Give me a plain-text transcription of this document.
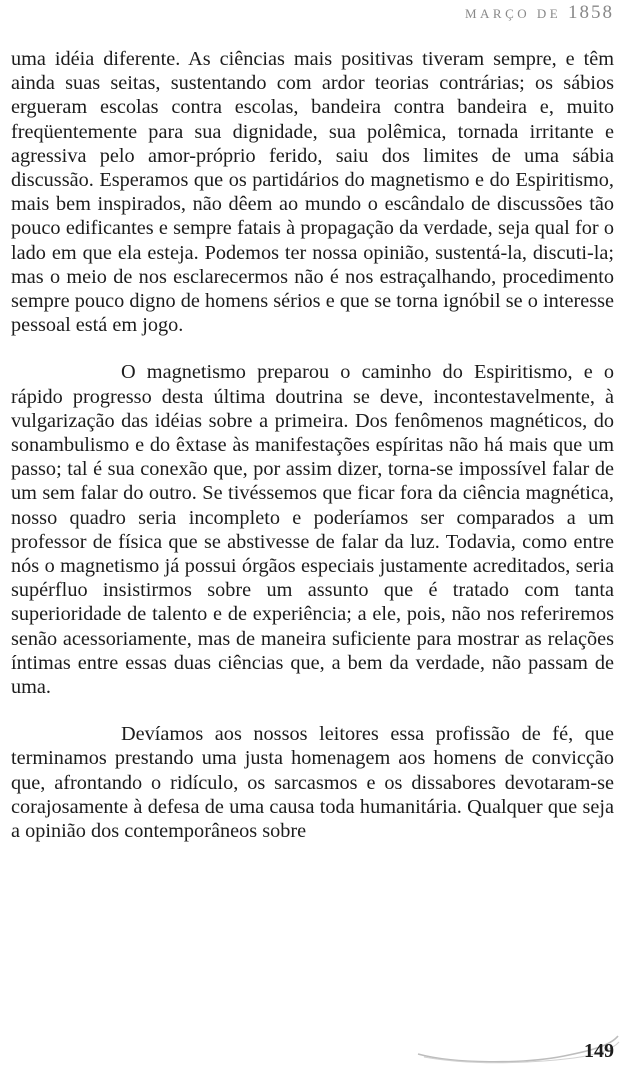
MARÇO DE 1858

uma idéia diferente. As ciências mais positivas tiveram sempre, e têm ainda suas seitas, sustentando com ardor teorias contrárias; os sábios ergueram escolas contra escolas, bandeira contra bandeira e, muito freqüentemente para sua dignidade, sua polêmica, tornada irritante e agressiva pelo amor-próprio ferido, saiu dos limites de uma sábia discussão. Esperamos que os partidários do magnetismo e do Espiritismo, mais bem inspirados, não dêem ao mundo o escândalo de discussões tão pouco edificantes e sempre fatais à propagação da verdade, seja qual for o lado em que ela esteja. Podemos ter nossa opinião, sustentá-la, discuti-la; mas o meio de nos esclarecermos não é nos estraçalhando, procedimento sempre pouco digno de homens sérios e que se torna ignóbil se o interesse pessoal está em jogo.

O magnetismo preparou o caminho do Espiritismo, e o rápido progresso desta última doutrina se deve, incontestavelmente, à vulgarização das idéias sobre a primeira. Dos fenômenos magnéticos, do sonambulismo e do êxtase às manifestações espíritas não há mais que um passo; tal é sua conexão que, por assim dizer, torna-se impossível falar de um sem falar do outro. Se tivéssemos que ficar fora da ciência magnética, nosso quadro seria incompleto e poderíamos ser comparados a um professor de física que se abstivesse de falar da luz. Todavia, como entre nós o magnetismo já possui órgãos especiais justamente acreditados, seria supérfluo insistirmos sobre um assunto que é tratado com tanta superioridade de talento e de experiência; a ele, pois, não nos referiremos senão acessoriamente, mas de maneira suficiente para mostrar as relações íntimas entre essas duas ciências que, a bem da verdade, não passam de uma.

Devíamos aos nossos leitores essa profissão de fé, que terminamos prestando uma justa homenagem aos homens de convicção que, afrontando o ridículo, os sarcasmos e os dissabores devotaram-se corajosamente à defesa de uma causa toda humanitária. Qualquer que seja a opinião dos contemporâneos sobre

149
